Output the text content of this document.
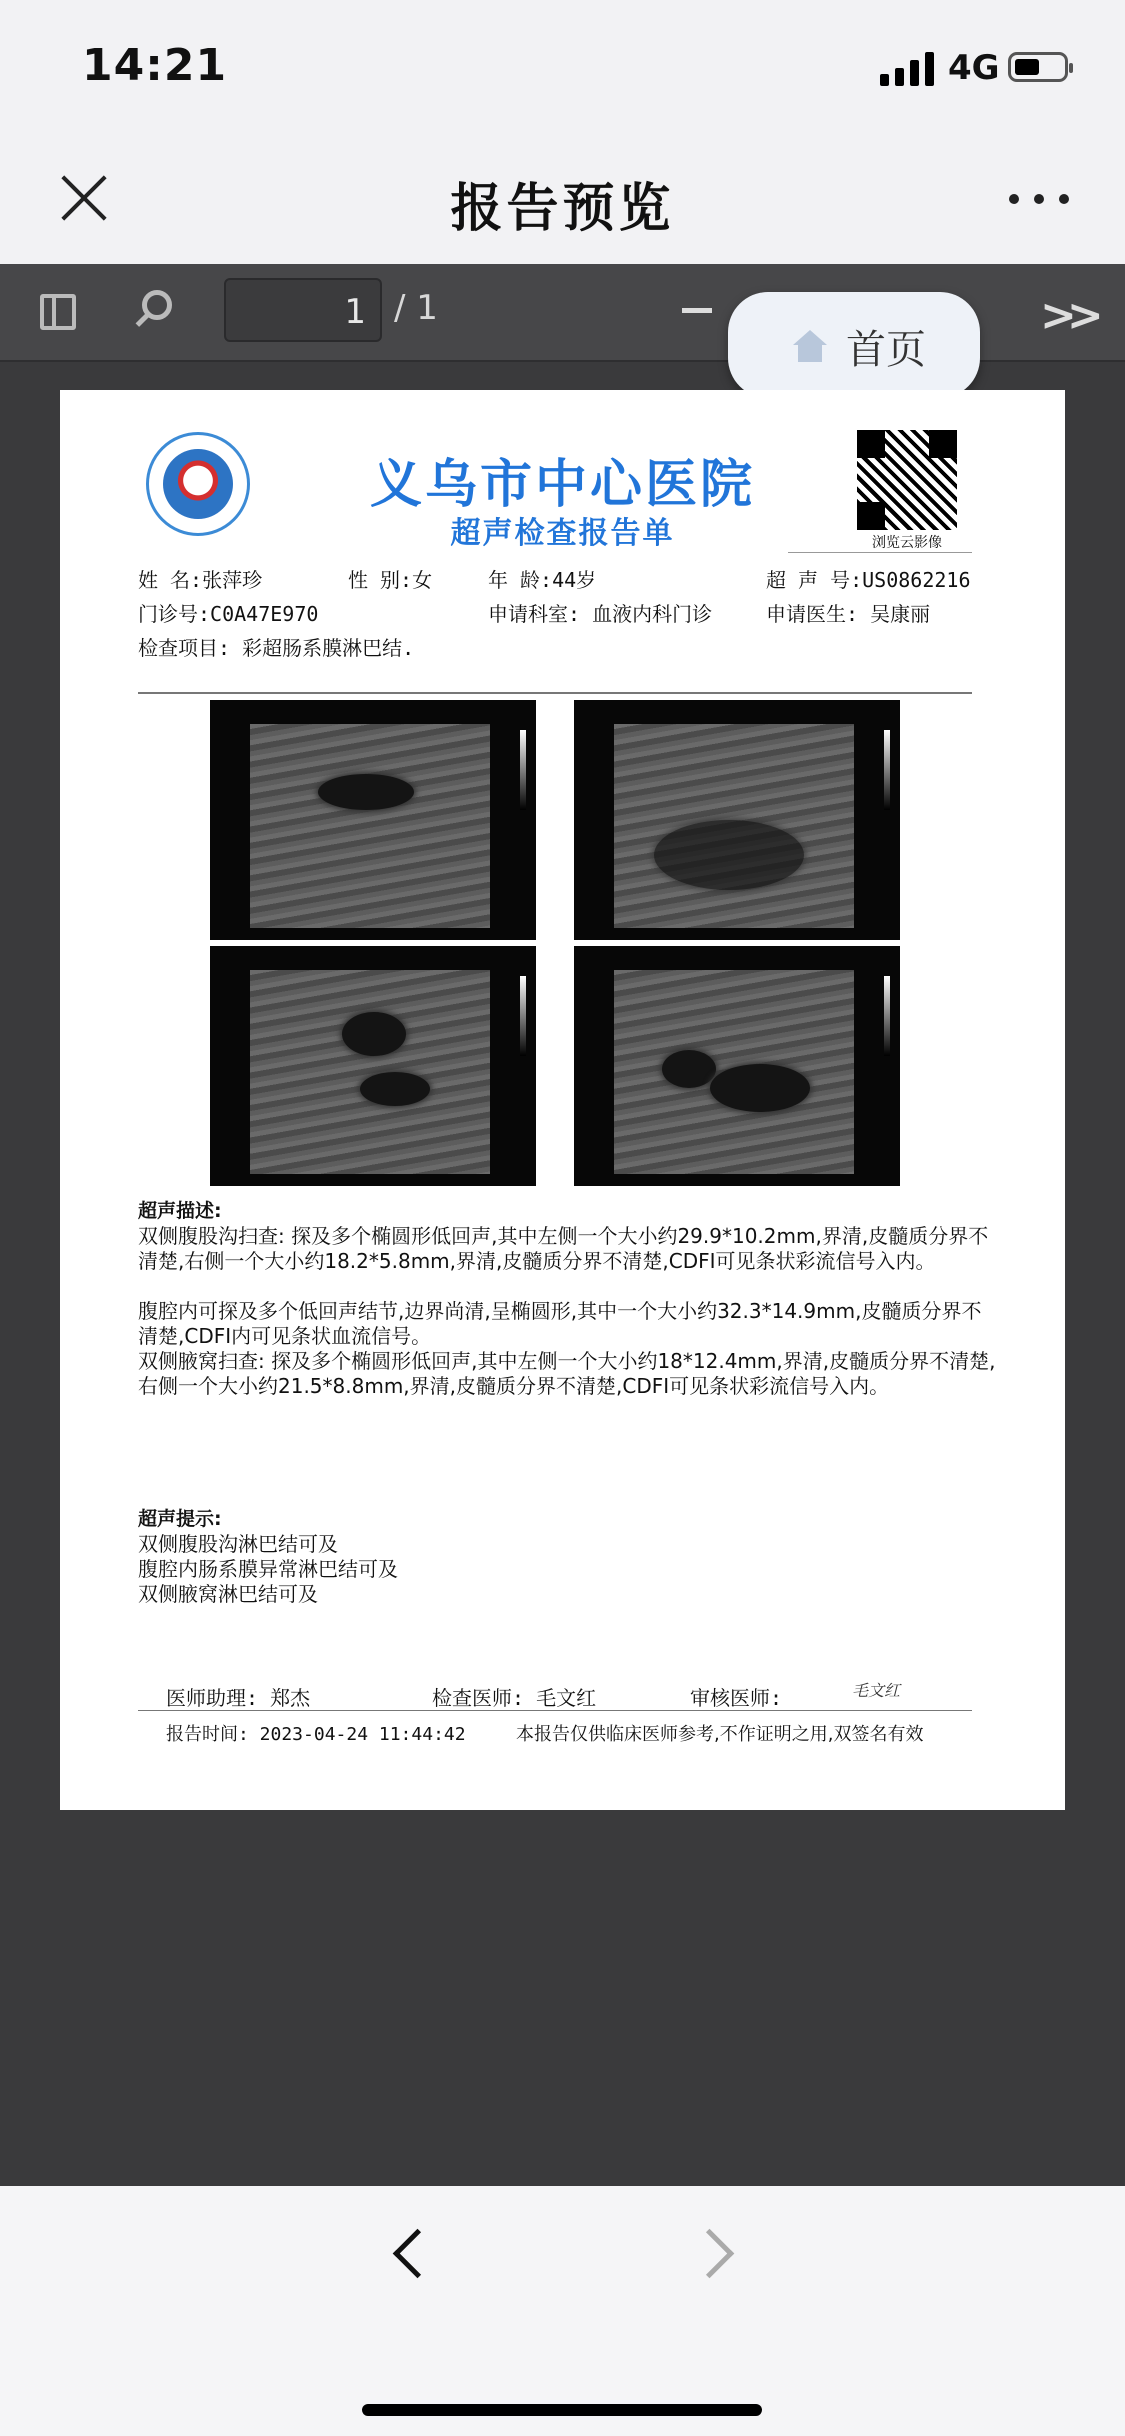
14:21	4G
报告预览
1 / 1	>>
首页
义乌市中心医院
超声检查报告单	浏览云影像
姓 名:张萍珍	性 别:女	年 龄:44岁	超 声 号:US0862216
门诊号:C0A47E970	申请科室: 血液内科门诊	申请医生: 吴康丽
检查项目: 彩超肠系膜淋巴结.
超声描述:
双侧腹股沟扫查: 探及多个椭圆形低回声,其中左侧一个大小约29.9*10.2mm,界清,皮髓质分界不清楚,右侧一个大小约18.2*5.8mm,界清,皮髓质分界不清楚,CDFI可见条状彩流信号入内。
腹腔内可探及多个低回声结节,边界尚清,呈椭圆形,其中一个大小约32.3*14.9mm,皮髓质分界不清楚,CDFI内可见条状血流信号。
双侧腋窝扫查: 探及多个椭圆形低回声,其中左侧一个大小约18*12.4mm,界清,皮髓质分界不清楚,右侧一个大小约21.5*8.8mm,界清,皮髓质分界不清楚,CDFI可见条状彩流信号入内。
超声提示:
双侧腹股沟淋巴结可及
腹腔内肠系膜异常淋巴结可及
双侧腋窝淋巴结可及
医师助理: 郑杰	检查医师: 毛文红	审核医师:	毛文红
报告时间: 2023-04-24 11:44:42	本报告仅供临床医师参考,不作证明之用,双签名有效
